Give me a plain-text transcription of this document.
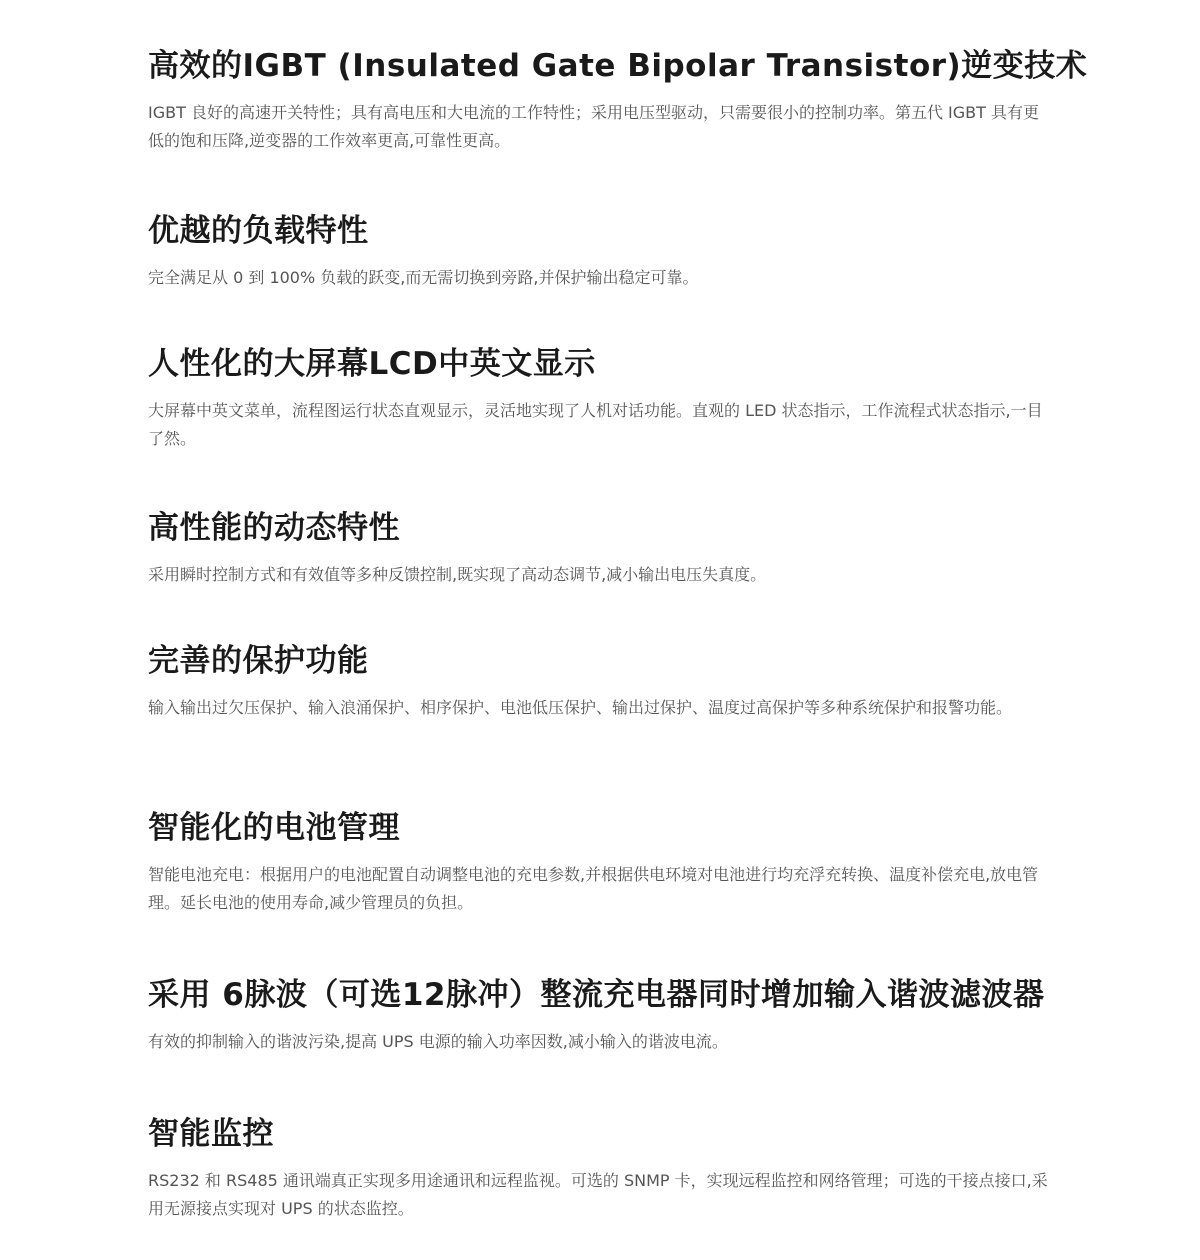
高效的IGBT (Insulated Gate Bipolar Transistor)逆变技术

IGBT 良好的高速开关特性；具有高电压和大电流的工作特性；采用电压型驱动，只需要很小的控制功率。第五代 IGBT 具有更低的饱和压降,逆变器的工作效率更高,可靠性更高。

优越的负载特性

完全满足从 0 到 100% 负载的跃变,而无需切换到旁路,并保护输出稳定可靠。

人性化的大屏幕LCD中英文显示

大屏幕中英文菜单，流程图运行状态直观显示，灵活地实现了人机对话功能。直观的 LED 状态指示，工作流程式状态指示,一目了然。

高性能的动态特性

采用瞬时控制方式和有效值等多种反馈控制,既实现了高动态调节,减小输出电压失真度。

完善的保护功能

输入输出过欠压保护、输入浪涌保护、相序保护、电池低压保护、输出过保护、温度过高保护等多种系统保护和报警功能。

智能化的电池管理

智能电池充电：根据用户的电池配置自动调整电池的充电参数,并根据供电环境对电池进行均充浮充转换、温度补偿充电,放电管理。延长电池的使用寿命,减少管理员的负担。

采用 6脉波（可选12脉冲）整流充电器同时增加输入谐波滤波器

有效的抑制输入的谐波污染,提高 UPS 电源的输入功率因数,减小输入的谐波电流。

智能监控

RS232 和 RS485 通讯端真正实现多用途通讯和远程监视。可选的 SNMP 卡，实现远程监控和网络管理；可选的干接点接口,采用无源接点实现对 UPS 的状态监控。
